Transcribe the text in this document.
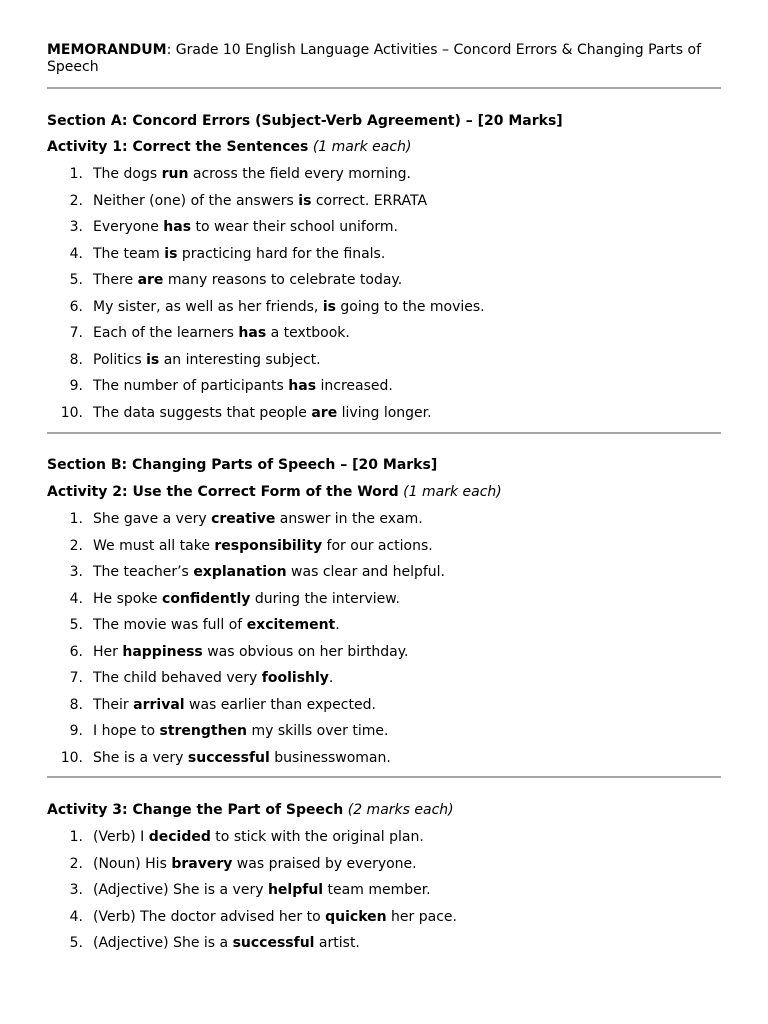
MEMORANDUM: Grade 10 English Language Activities – Concord Errors & Changing Parts of Speech
Section A: Concord Errors (Subject-Verb Agreement) – [20 Marks]
Activity 1: Correct the Sentences (1 mark each)
1. The dogs run across the field every morning.
2. Neither (one) of the answers is correct. ERRATA
3. Everyone has to wear their school uniform.
4. The team is practicing hard for the finals.
5. There are many reasons to celebrate today.
6. My sister, as well as her friends, is going to the movies.
7. Each of the learners has a textbook.
8. Politics is an interesting subject.
9. The number of participants has increased.
10. The data suggests that people are living longer.
Section B: Changing Parts of Speech – [20 Marks]
Activity 2: Use the Correct Form of the Word (1 mark each)
1. She gave a very creative answer in the exam.
2. We must all take responsibility for our actions.
3. The teacher’s explanation was clear and helpful.
4. He spoke confidently during the interview.
5. The movie was full of excitement.
6. Her happiness was obvious on her birthday.
7. The child behaved very foolishly.
8. Their arrival was earlier than expected.
9. I hope to strengthen my skills over time.
10. She is a very successful businesswoman.
Activity 3: Change the Part of Speech (2 marks each)
1. (Verb) I decided to stick with the original plan.
2. (Noun) His bravery was praised by everyone.
3. (Adjective) She is a very helpful team member.
4. (Verb) The doctor advised her to quicken her pace.
5. (Adjective) She is a successful artist.
